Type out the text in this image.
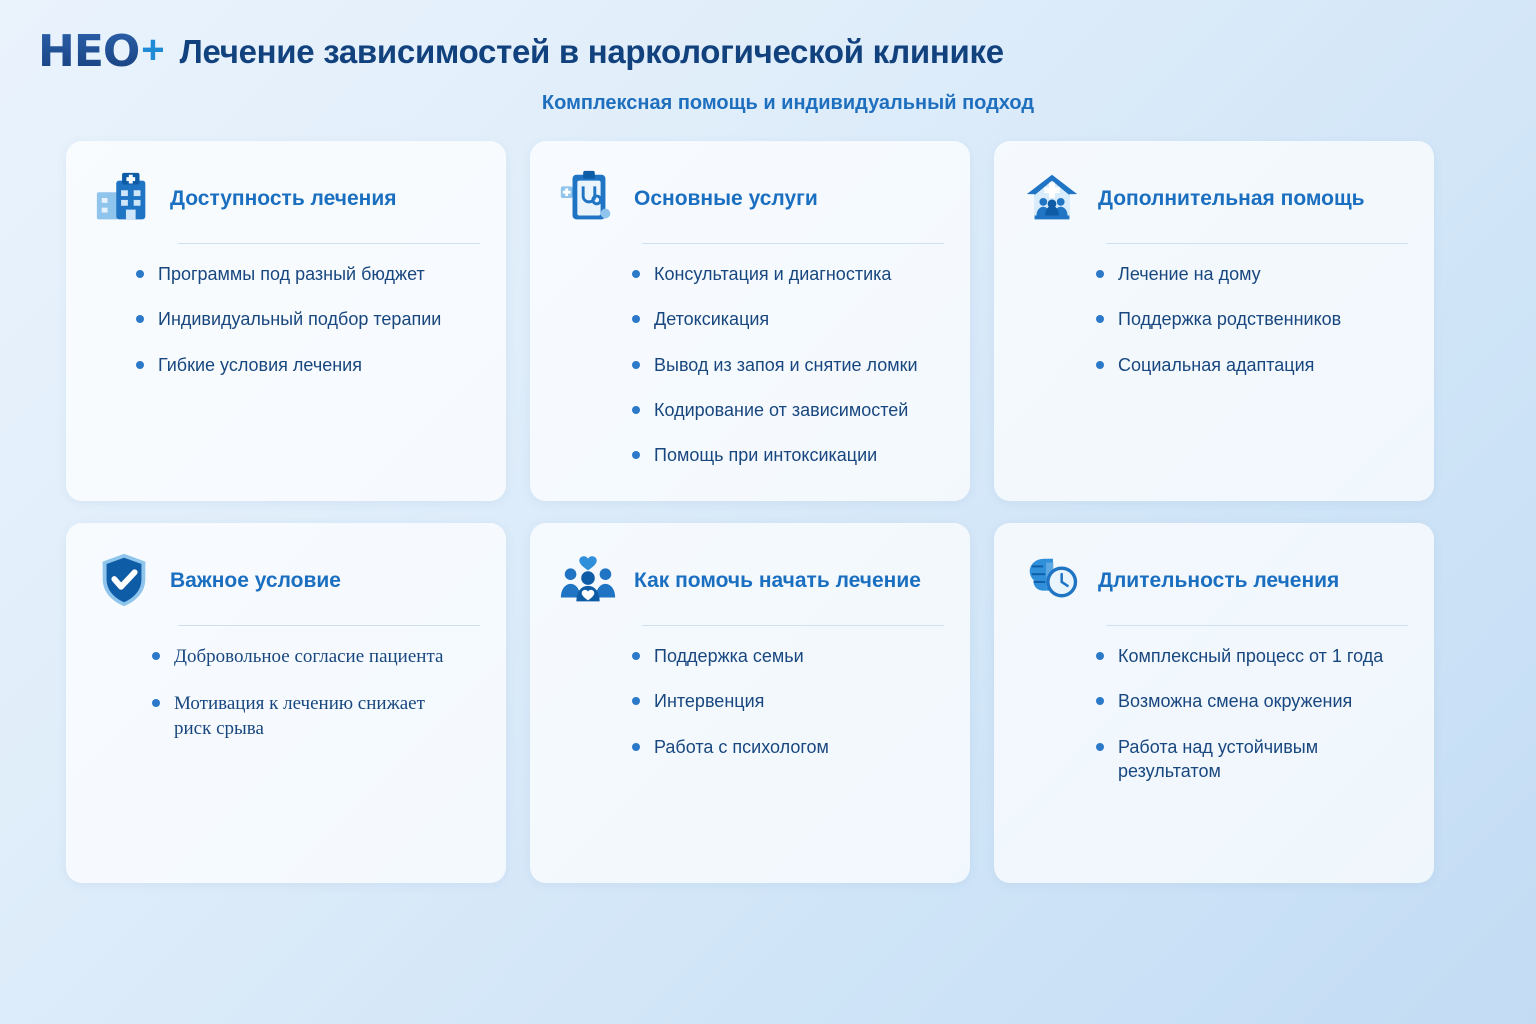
HEO + Лечение зависимостей в наркологической клинике
Комплексная помощь и индивидуальный подход
Доступность лечения
Программы под разный бюджет
Индивидуальный подбор терапии
Гибкие условия лечения
Основные услуги
Консультация и диагностика
Детоксикация
Вывод из запоя и снятие ломки
Кодирование от зависимостей
Помощь при интоксикации
Дополнительная помощь
Лечение на дому
Поддержка родственников
Социальная адаптация
Важное условие
Добровольное согласие пациента
Мотивация к лечению снижает риск срыва
Как помочь начать лечение
Поддержка семьи
Интервенция
Работа с психологом
Длительность лечения
Комплексный процесс от 1 года
Возможна смена окружения
Работа над устойчивым результатом
